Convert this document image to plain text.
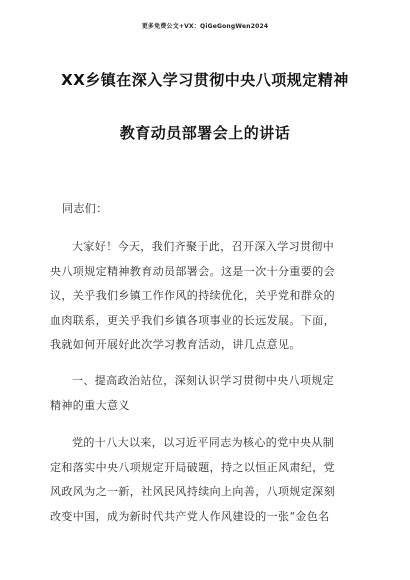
更多免费公文+VX：QiGeGongWen2024
XX乡镇在深入学习贯彻中央八项规定精神
教育动员部署会上的讲话
同志们：
大家好！今天，我们齐聚于此，召开深入学习贯彻中
央八项规定精神教育动员部署会。这是一次十分重要的会
议，关乎我们乡镇工作作风的持续优化，关乎党和群众的
血肉联系，更关乎我们乡镇各项事业的长远发展。下面，
我就如何开展好此次学习教育活动，讲几点意见。
一、提高政治站位，深刻认识学习贯彻中央八项规定
精神的重大意义
党的十八大以来，以习近平同志为核心的党中央从制
定和落实中央八项规定开局破题，持之以恒正风肃纪，党
风政风为之一新，社风民风持续向上向善，八项规定深刻
改变中国，成为新时代共产党人作风建设的一张“金色名
